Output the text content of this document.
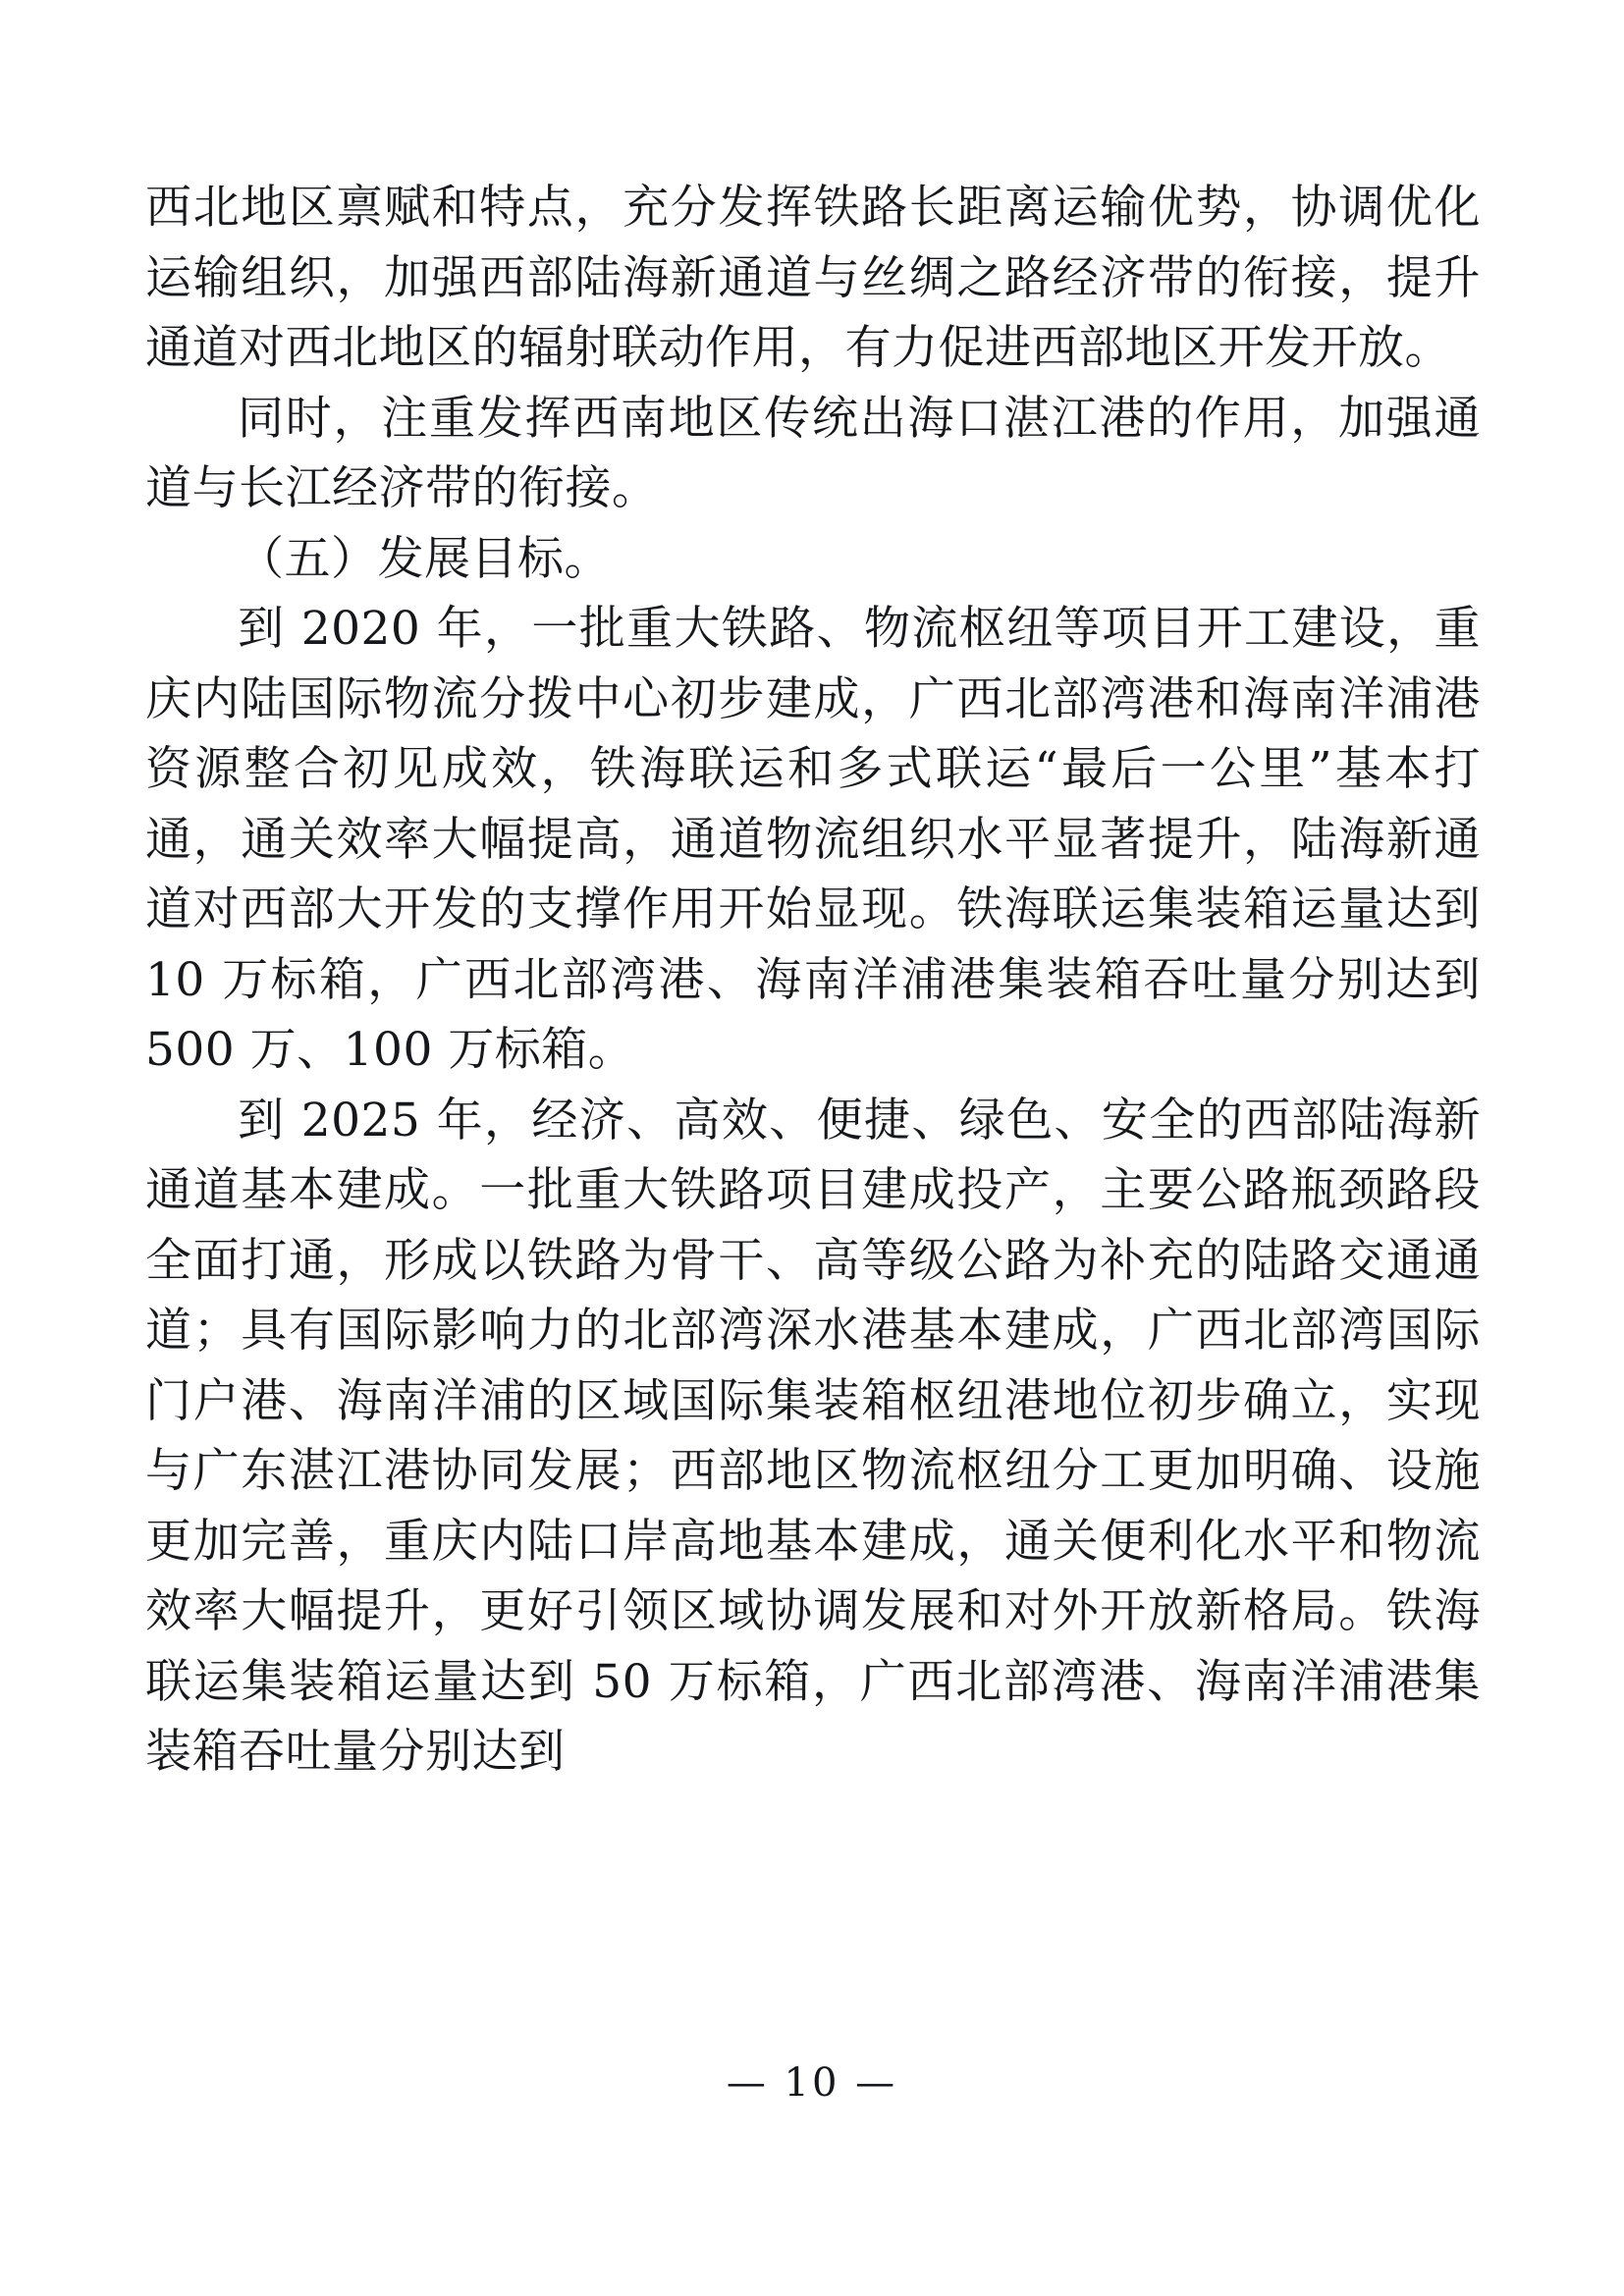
西北地区禀赋和特点，充分发挥铁路长距离运输优势，协调优化运输组织，加强西部陆海新通道与丝绸之路经济带的衔接，提升通道对西北地区的辐射联动作用，有力促进西部地区开发开放。

同时，注重发挥西南地区传统出海口湛江港的作用，加强通道与长江经济带的衔接。

（五）发展目标。

到 2020 年，一批重大铁路、物流枢纽等项目开工建设，重庆内陆国际物流分拨中心初步建成，广西北部湾港和海南洋浦港资源整合初见成效，铁海联运和多式联运“最后一公里”基本打通，通关效率大幅提高，通道物流组织水平显著提升，陆海新通道对西部大开发的支撑作用开始显现。铁海联运集装箱运量达到 10 万标箱，广西北部湾港、海南洋浦港集装箱吞吐量分别达到 500 万、100 万标箱。

到 2025 年，经济、高效、便捷、绿色、安全的西部陆海新通道基本建成。一批重大铁路项目建成投产，主要公路瓶颈路段全面打通，形成以铁路为骨干、高等级公路为补充的陆路交通通道；具有国际影响力的北部湾深水港基本建成，广西北部湾国际门户港、海南洋浦的区域国际集装箱枢纽港地位初步确立，实现与广东湛江港协同发展；西部地区物流枢纽分工更加明确、设施更加完善，重庆内陆口岸高地基本建成，通关便利化水平和物流效率大幅提升，更好引领区域协调发展和对外开放新格局。铁海联运集装箱运量达到 50 万标箱，广西北部湾港、海南洋浦港集装箱吞吐量分别达到

— 10 —
